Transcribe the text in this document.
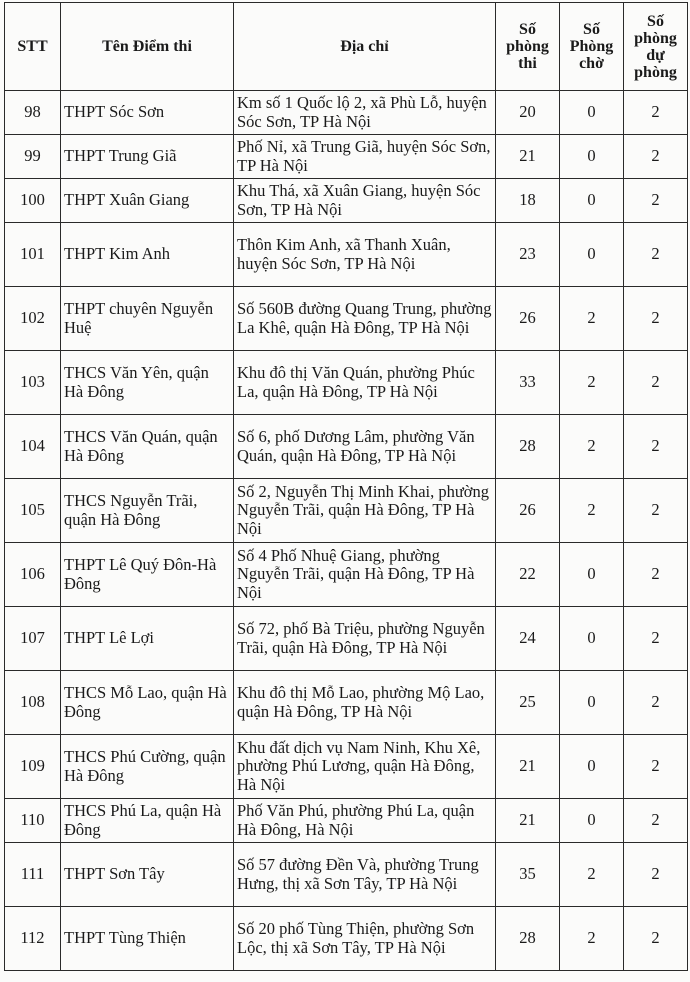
STT	Tên Điểm thi	Địa chỉ	Số phòng thi	Số Phòng chờ	Số phòng dự phòng
98	THPT Sóc Sơn	Km số 1 Quốc lộ 2, xã Phù Lỗ, huyện Sóc Sơn, TP Hà Nội	20	0	2
99	THPT Trung Giã	Phố Nỉ, xã Trung Giã, huyện Sóc Sơn, TP Hà Nội	21	0	2
100	THPT Xuân Giang	Khu Thá, xã Xuân Giang, huyện Sóc Sơn, TP Hà Nội	18	0	2
101	THPT Kim Anh	Thôn Kim Anh, xã Thanh Xuân, huyện Sóc Sơn, TP Hà Nội	23	0	2
102	THPT chuyên Nguyễn Huệ	Số 560B đường Quang Trung, phường La Khê, quận Hà Đông, TP Hà Nội	26	2	2
103	THCS Văn Yên, quận Hà Đông	Khu đô thị Văn Quán, phường Phúc La, quận Hà Đông, TP Hà Nội	33	2	2
104	THCS Văn Quán, quận Hà Đông	Số 6, phố Dương Lâm, phường Văn Quán, quận Hà Đông, TP Hà Nội	28	2	2
105	THCS Nguyễn Trãi, quận Hà Đông	Số 2, Nguyễn Thị Minh Khai, phường Nguyễn Trãi, quận Hà Đông, TP Hà Nội	26	2	2
106	THPT Lê Quý Đôn-Hà Đông	Số 4 Phố Nhuệ Giang, phường Nguyễn Trãi, quận Hà Đông, TP Hà Nội	22	0	2
107	THPT Lê Lợi	Số 72, phố Bà Triệu, phường Nguyễn Trãi, quận Hà Đông, TP Hà Nội	24	0	2
108	THCS Mỗ Lao, quận Hà Đông	Khu đô thị Mỗ Lao, phường Mộ Lao, quận Hà Đông, TP Hà Nội	25	0	2
109	THCS Phú Cường, quận Hà Đông	Khu đất dịch vụ Nam Ninh, Khu Xê, phường Phú Lương, quận Hà Đông, Hà Nội	21	0	2
110	THCS Phú La, quận Hà Đông	Phố Văn Phú, phường Phú La, quận Hà Đông, Hà Nội	21	0	2
111	THPT Sơn Tây	Số 57 đường Đền Và, phường Trung Hưng, thị xã Sơn Tây, TP Hà Nội	35	2	2
112	THPT Tùng Thiện	Số 20 phố Tùng Thiện, phường Sơn Lộc, thị xã Sơn Tây, TP Hà Nội	28	2	2
